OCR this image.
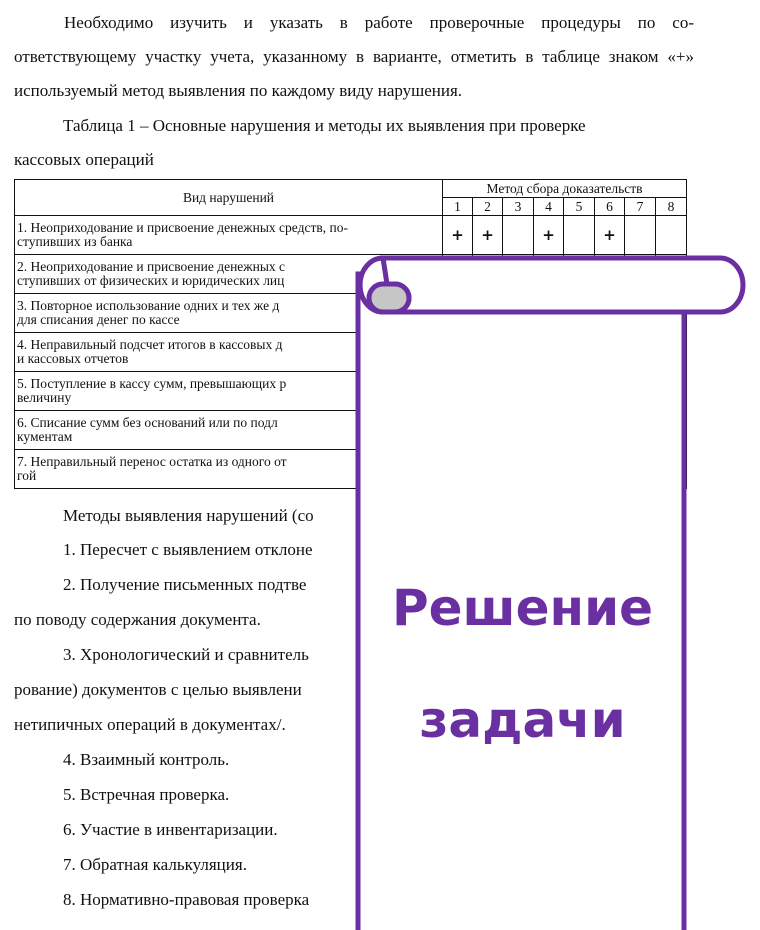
Необходимо изучить и указать в работе проверочные процедуры по со- ответствующему участку учета, указанному в варианте, отметить в таблице знаком «+» используемый метод выявления по каждому виду нарушения.

Таблица 1 – Основные нарушения и методы их выявления при проверке
кассовых операций
Вид нарушений	Метод сбора доказательств							
	1	2	3	4	5	6	7	8

1. Неоприходование и присвоение денежных средств, по-
ступивших из банка	+	+		+		+		

2. Неоприходование и присвоение денежных с
ступивших от физических и юридических лиц								

3. Повторное использование одних и тех же д
для списания денег по кассе								

4. Неправильный подсчет итогов в кассовых д
и кассовых отчетов								

5. Поступление в кассу сумм, превышающих р
величину								

6. Списание сумм без оснований или по подл
кументам								

7. Неправильный перенос остатка из одного от
гой								

Методы выявления нарушений (со
1. Пересчет с выявлением отклоне
2. Получение письменных подтве
по поводу содержания документа.
3. Хронологический и сравнитель
рование) документов с целью выявлени
нетипичных операций в документах/.
4. Взаимный контроль.
5. Встречная проверка.
6. Участие в инвентаризации.
7. Обратная калькуляция.
8. Нормативно-правовая проверка
Решение
задачи
